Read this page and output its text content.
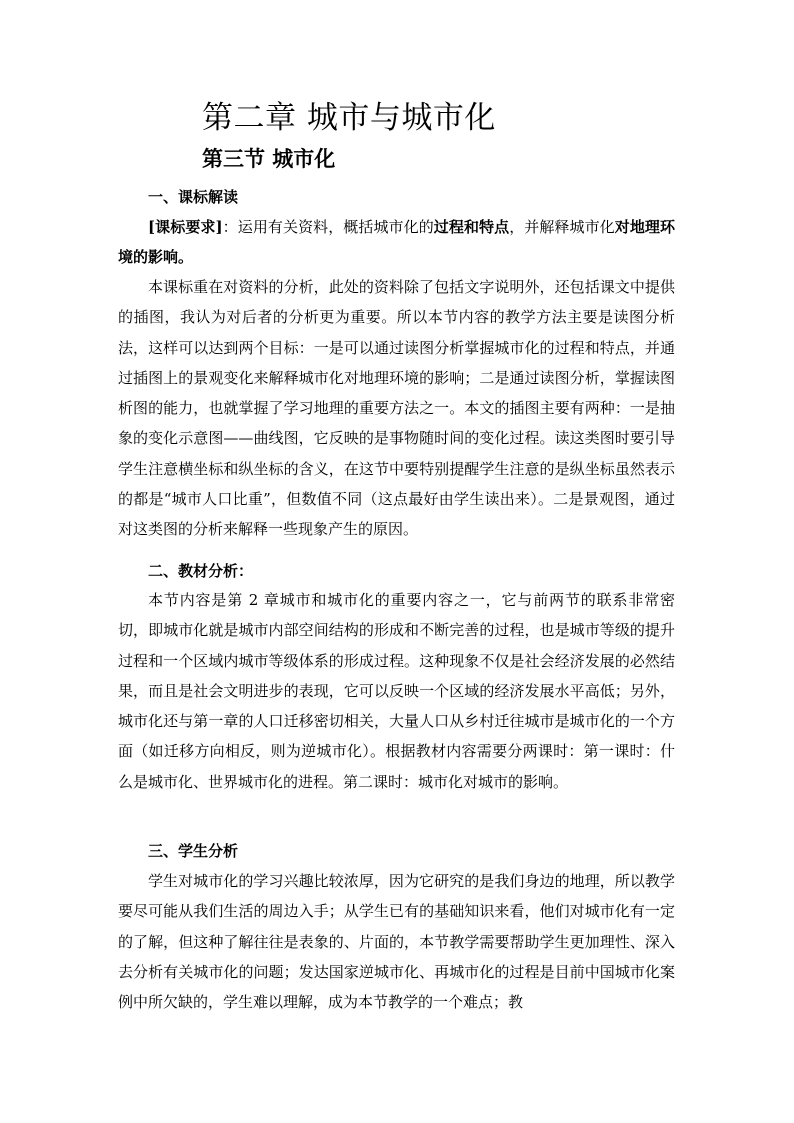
第二章 城市与城市化
第三节 城市化
一、课标解读

[课标要求]：运用有关资料，概括城市化的过程和特点，并解释城市化对地理环境的影响。

本课标重在对资料的分析，此处的资料除了包括文字说明外，还包括课文中提供的插图，我认为对后者的分析更为重要。所以本节内容的教学方法主要是读图分析法，这样可以达到两个目标：一是可以通过读图分析掌握城市化的过程和特点，并通过插图上的景观变化来解释城市化对地理环境的影响；二是通过读图分析，掌握读图析图的能力，也就掌握了学习地理的重要方法之一。本文的插图主要有两种：一是抽象的变化示意图——曲线图，它反映的是事物随时间的变化过程。读这类图时要引导学生注意横坐标和纵坐标的含义，在这节中要特别提醒学生注意的是纵坐标虽然表示的都是“城市人口比重”，但数值不同（这点最好由学生读出来）。二是景观图，通过对这类图的分析来解释一些现象产生的原因。

二、教材分析：

本节内容是第 2 章城市和城市化的重要内容之一，它与前两节的联系非常密切，即城市化就是城市内部空间结构的形成和不断完善的过程，也是城市等级的提升过程和一个区域内城市等级体系的形成过程。这种现象不仅是社会经济发展的必然结果，而且是社会文明进步的表现，它可以反映一个区域的经济发展水平高低；另外，城市化还与第一章的人口迁移密切相关，大量人口从乡村迁往城市是城市化的一个方面（如迁移方向相反，则为逆城市化）。根据教材内容需要分两课时：第一课时：什么是城市化、世界城市化的进程。第二课时：城市化对城市的影响。

三、学生分析

学生对城市化的学习兴趣比较浓厚，因为它研究的是我们身边的地理，所以教学要尽可能从我们生活的周边入手；从学生已有的基础知识来看，他们对城市化有一定的了解，但这种了解往往是表象的、片面的，本节教学需要帮助学生更加理性、深入去分析有关城市化的问题；发达国家逆城市化、再城市化的过程是目前中国城市化案例中所欠缺的，学生难以理解，成为本节教学的一个难点；教
